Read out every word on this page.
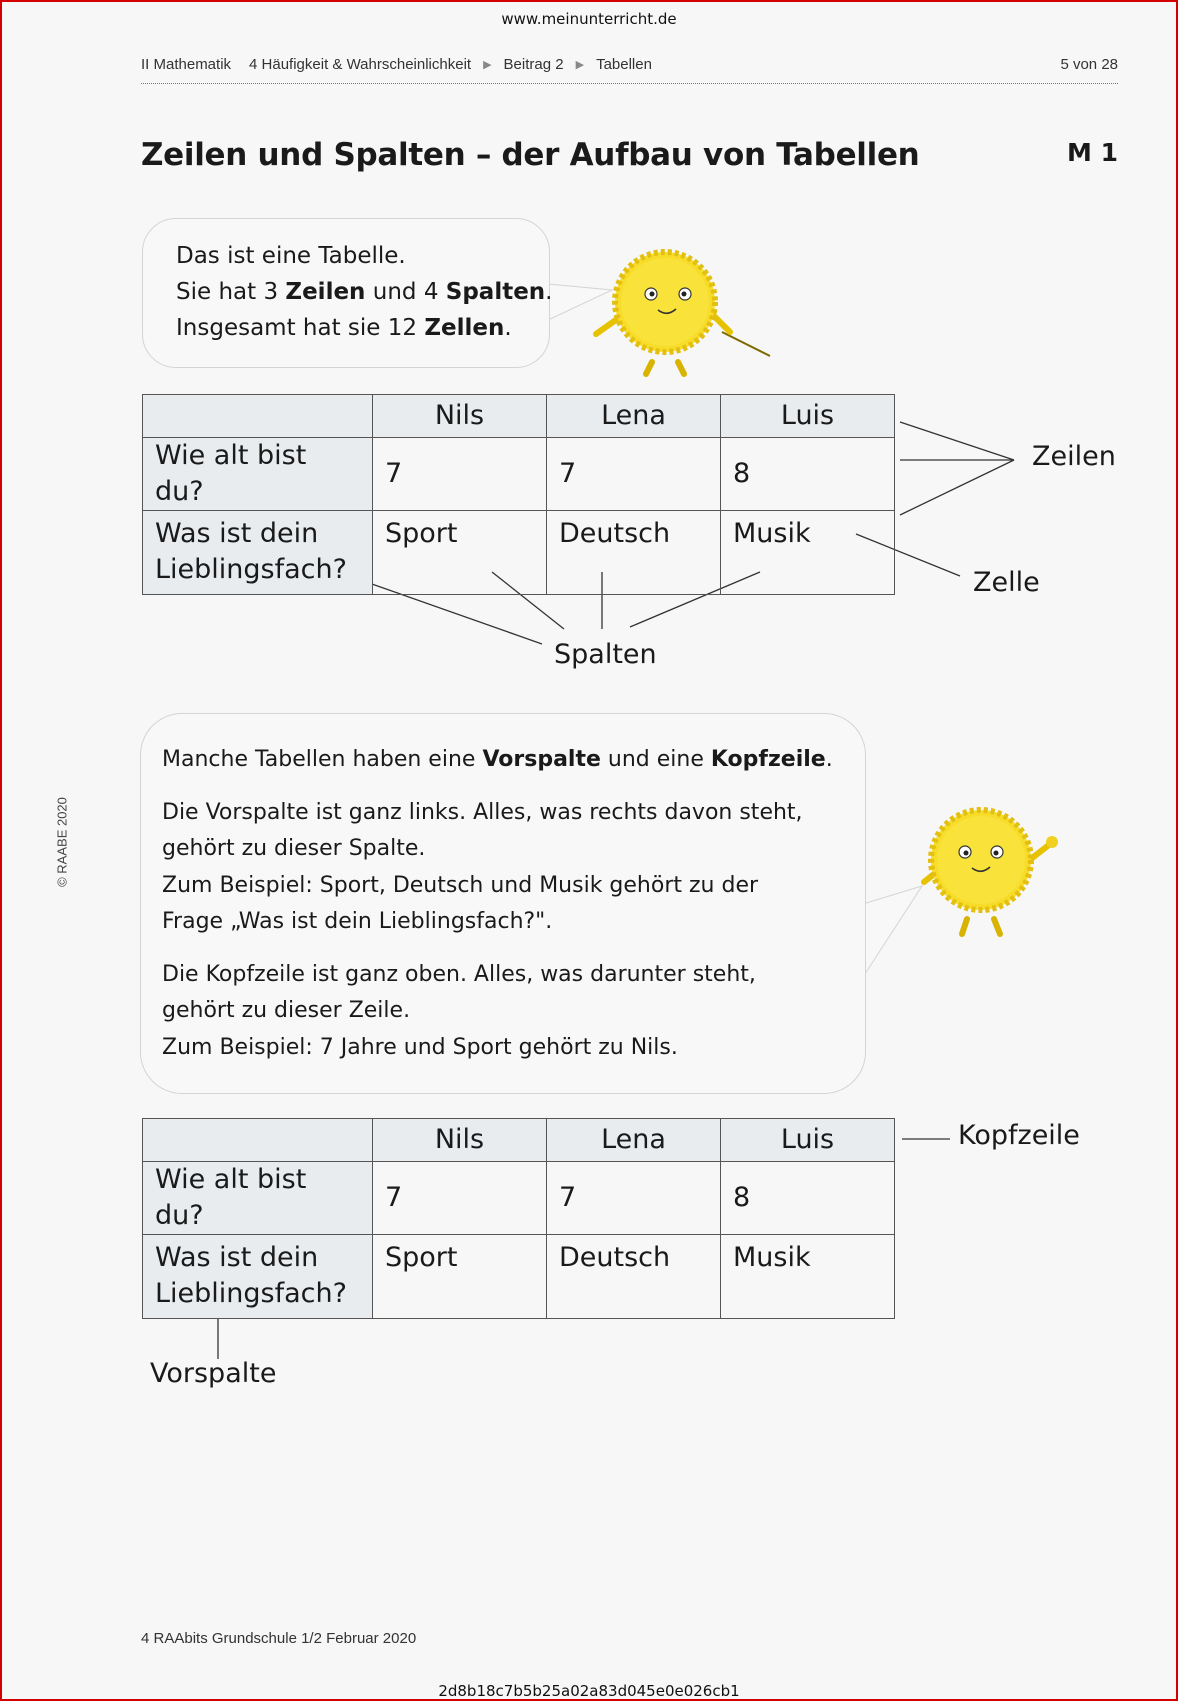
www.meinunterricht.de
II Mathematik 4 Häufigkeit & Wahrscheinlichkeit ▶ Beitrag 2 ▶ Tabellen	5 von 28
Zeilen und Spalten – der Aufbau von Tabellen	M 1
Das ist eine Tabelle.
Sie hat 3 Zeilen und 4 Spalten.
Insgesamt hat sie 12 Zellen.
	Nils	Lena	Luis
Wie alt bist du?	7	7	8

Was ist dein
Lieblingsfach?	Sport	Deutsch	Musik
Zeilen
Zelle
Spalten

Manche Tabellen haben eine Vorspalte und eine Kopfzeile.

Die Vorspalte ist ganz links. Alles, was rechts davon steht,
gehört zu dieser Spalte.
Zum Beispiel: Sport, Deutsch und Musik gehört zu der
Frage „Was ist dein Lieblingsfach?".

Die Kopfzeile ist ganz oben. Alles, was darunter steht,
gehört zu dieser Zeile.
Zum Beispiel: 7 Jahre und Sport gehört zu Nils.

	Nils	Lena	Luis
Wie alt bist du?	7	7	8

Was ist dein
Lieblingsfach?	Sport	Deutsch	Musik
Kopfzeile
Vorspalte
© RAABE 2020
4 RAAbits Grundschule 1/2 Februar 2020
2d8b18c7b5b25a02a83d045e0e026cb1
